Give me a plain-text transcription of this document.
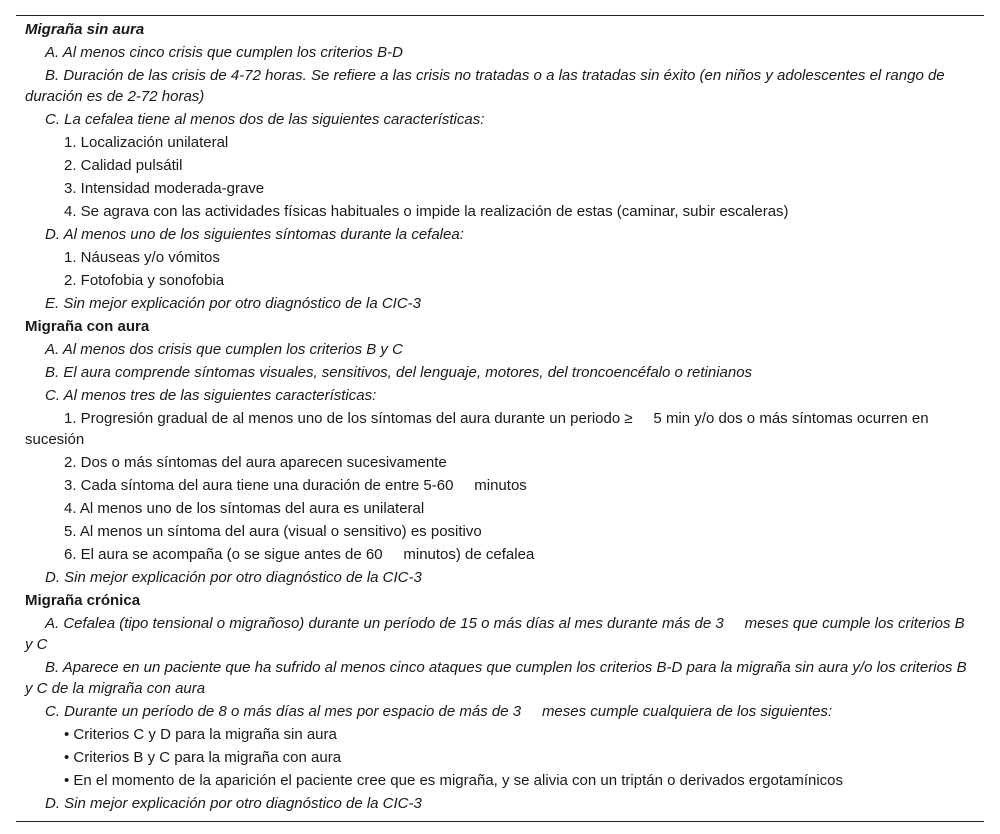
Migraña sin aura
A. Al menos cinco crisis que cumplen los criterios B-D
B. Duración de las crisis de 4-72 horas. Se refiere a las crisis no tratadas o a las tratadas sin éxito (en niños y adolescentes el rango de duración es de 2-72 horas)
C. La cefalea tiene al menos dos de las siguientes características:
1. Localización unilateral
2. Calidad pulsátil
3. Intensidad moderada-grave
4. Se agrava con las actividades físicas habituales o impide la realización de estas (caminar, subir escaleras)
D. Al menos uno de los siguientes síntomas durante la cefalea:
1. Náuseas y/o vómitos
2. Fotofobia y sonofobia
E. Sin mejor explicación por otro diagnóstico de la CIC-3
Migraña con aura
A. Al menos dos crisis que cumplen los criterios B y C
B. El aura comprende síntomas visuales, sensitivos, del lenguaje, motores, del troncoencéfalo o retinianos
C. Al menos tres de las siguientes características:
1. Progresión gradual de al menos uno de los síntomas del aura durante un periodo ≥     5 min y/o dos o más síntomas ocurren en sucesión
2. Dos o más síntomas del aura aparecen sucesivamente
3. Cada síntoma del aura tiene una duración de entre 5-60     minutos
4. Al menos uno de los síntomas del aura es unilateral
5. Al menos un síntoma del aura (visual o sensitivo) es positivo
6. El aura se acompaña (o se sigue antes de 60     minutos) de cefalea
D. Sin mejor explicación por otro diagnóstico de la CIC-3
Migraña crónica
A. Cefalea (tipo tensional o migrañoso) durante un período de 15 o más días al mes durante más de 3     meses que cumple los criterios B y C
B. Aparece en un paciente que ha sufrido al menos cinco ataques que cumplen los criterios B-D para la migraña sin aura y/o los criterios B y C de la migraña con aura
C. Durante un período de 8 o más días al mes por espacio de más de 3     meses cumple cualquiera de los siguientes:
• Criterios C y D para la migraña sin aura
• Criterios B y C para la migraña con aura
• En el momento de la aparición el paciente cree que es migraña, y se alivia con un triptán o derivados ergotamínicos
D. Sin mejor explicación por otro diagnóstico de la CIC-3
